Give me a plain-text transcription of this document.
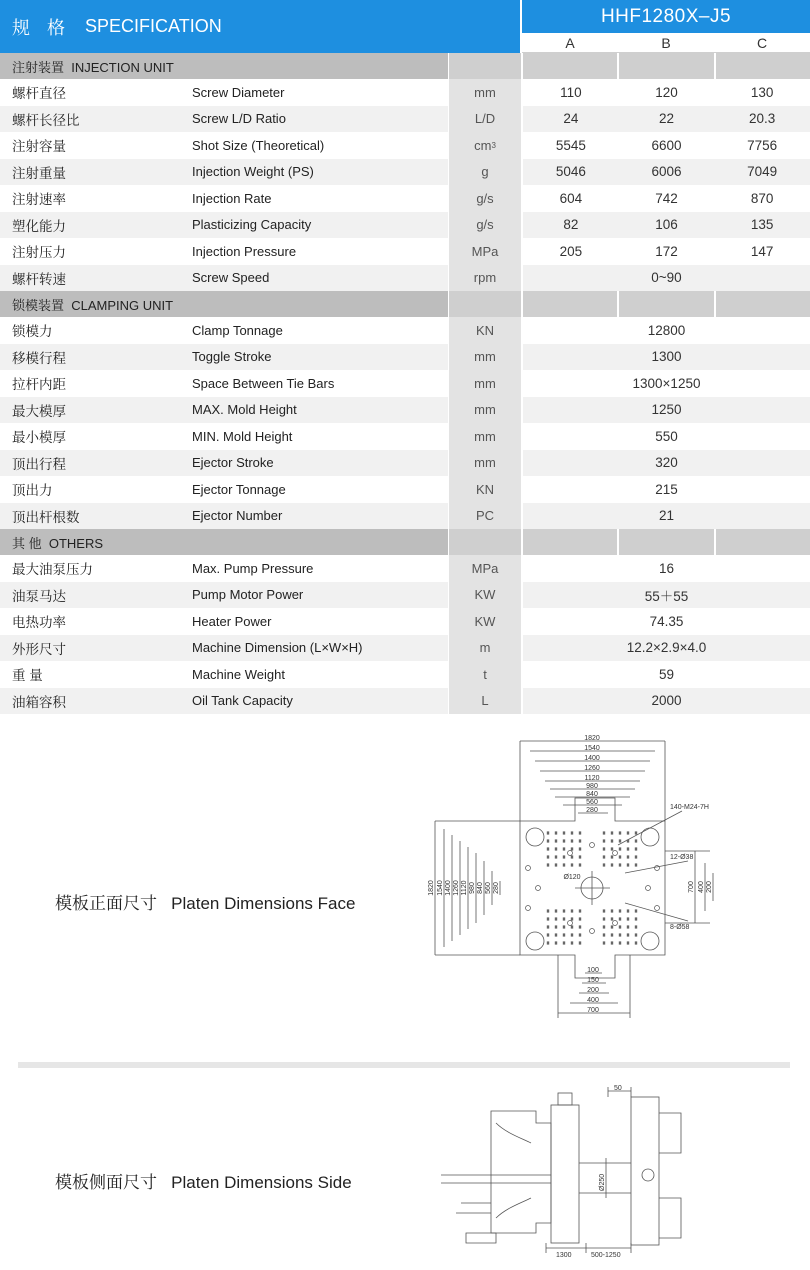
规 格 SPECIFICATION	HHF1280X–J5
A	B	C
注射装置 INJECTION UNIT
螺杆直径	Screw Diameter	mm	110	120	130
螺杆长径比	Screw L/D Ratio	L/D	24	22	20.3
注射容量	Shot Size (Theoretical)	cm 3	5545	6600	7756
注射重量	Injection Weight (PS)	g	5046	6006	7049
注射速率	Injection Rate	g/s	604	742	870
塑化能力	Plasticizing Capacity	g/s	82	106	135
注射压力	Injection Pressure	MPa	205	172	147
螺杆转速	Screw Speed	rpm	0~90
锁模装置 CLAMPING UNIT
锁模力	Clamp Tonnage	KN	12800
移模行程	Toggle Stroke	mm	1300
拉杆内距	Space Between Tie Bars	mm	1300×1250
最大模厚	MAX. Mold Height	mm	1250
最小模厚	MIN. Mold Height	mm	550
顶出行程	Ejector Stroke	mm	320
顶出力	Ejector Tonnage	KN	215
顶出杆根数	Ejector Number	PC	21
其 他 OTHERS
最大油泵压力	Max. Pump Pressure	MPa	16
油泵马达	Pump Motor Power	KW	55＋55
电热功率	Heater Power	KW	74.35
外形尺寸	Machine Dimension (L×W×H)	m	12.2×2.9×4.0
重 量	Machine Weight	t	59
油箱容积	Oil Tank Capacity	L	2000
模板正面尺寸 Platen Dimensions Face
1820
1540
1400
1260
1120
980
840
560
280
100
150
200
400
700
Ø120
1820 1540 1400 1260 1120 980 840 560 280	700 400 200
140-M24-7H
12-Ø38
8-Ø58
模板侧面尺寸 Platen Dimensions Side
50
Ø250
1300	500-1250
